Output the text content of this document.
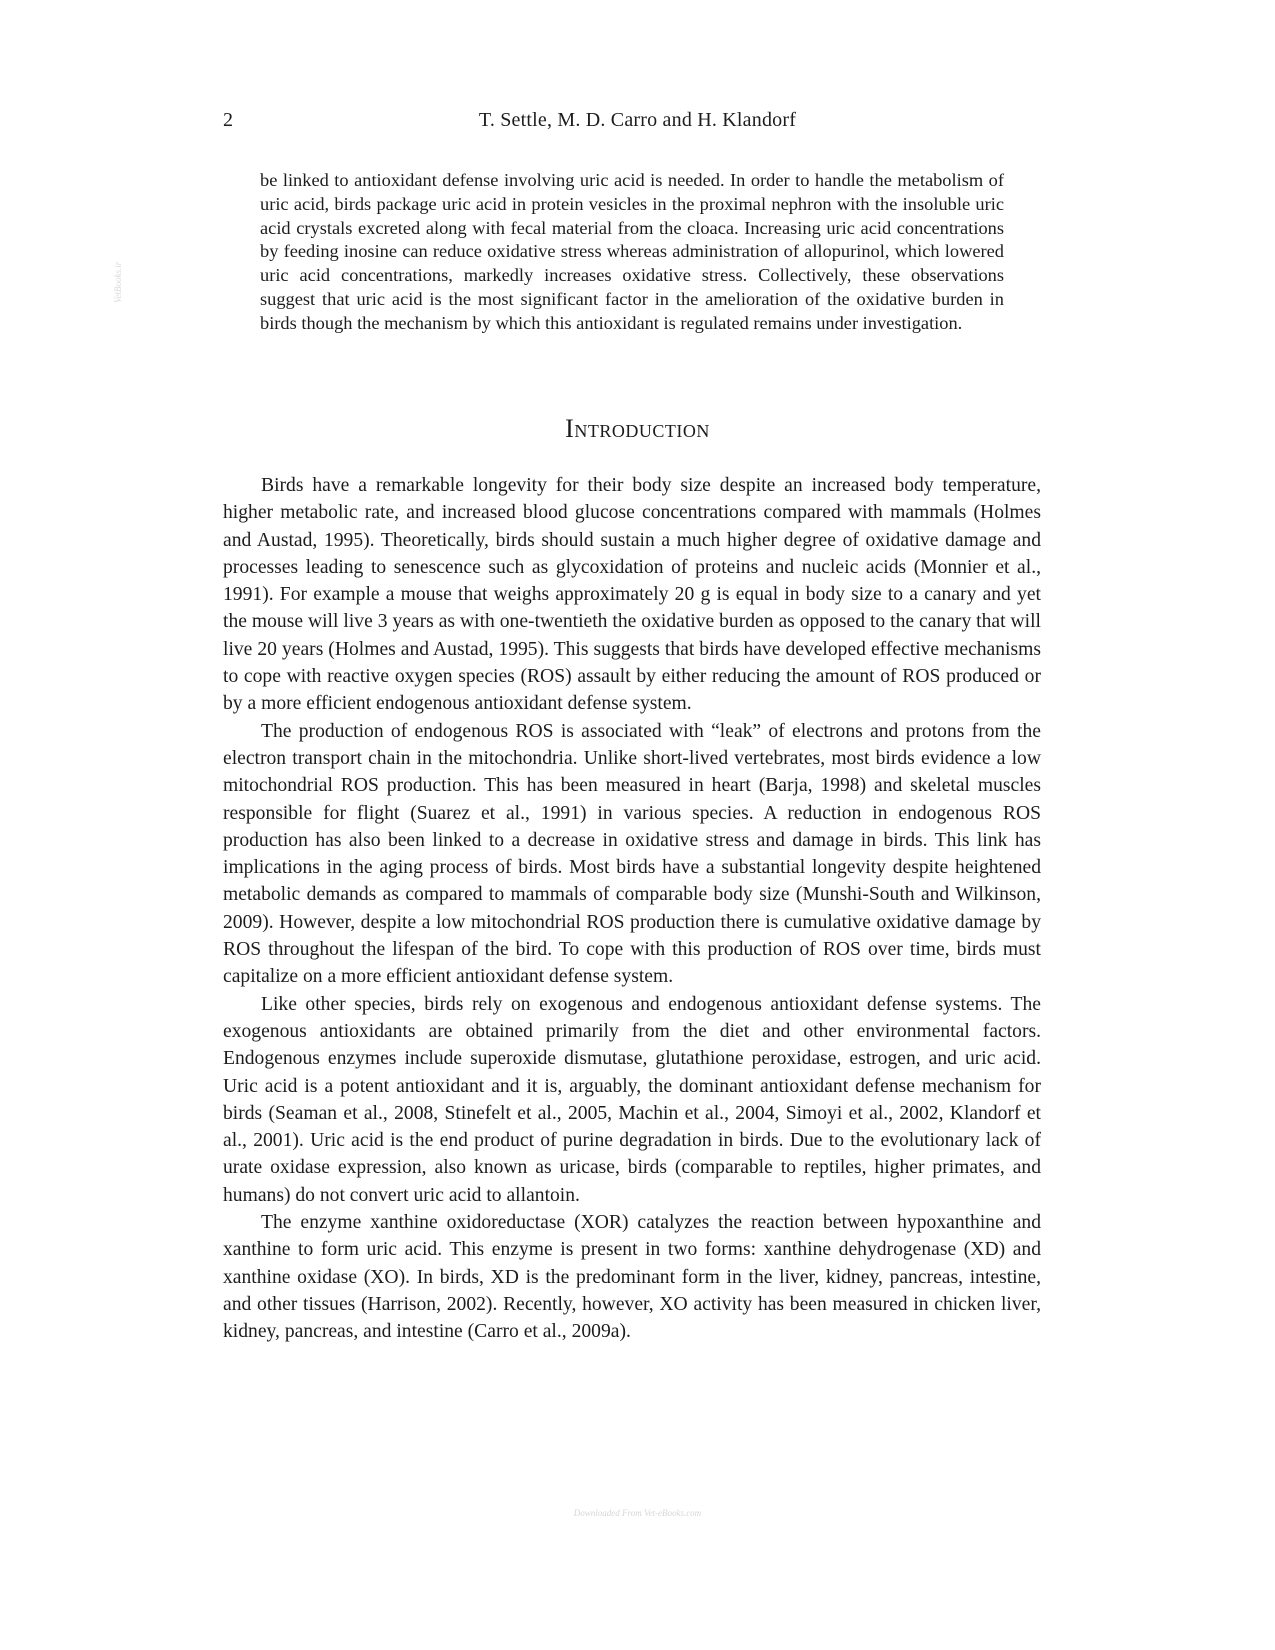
2	T. Settle, M. D. Carro and H. Klandorf
VetBooks.ir

be linked to antioxidant defense involving uric acid is needed. In order to handle the metabolism of uric acid, birds package uric acid in protein vesicles in the proximal nephron with the insoluble uric acid crystals excreted along with fecal material from the cloaca. Increasing uric acid concentrations by feeding inosine can reduce oxidative stress whereas administration of allopurinol, which lowered uric acid concentrations, markedly increases oxidative stress. Collectively, these observations suggest that uric acid is the most significant factor in the amelioration of the oxidative burden in birds though the mechanism by which this antioxidant is regulated remains under investigation.

Introduction

Birds have a remarkable longevity for their body size despite an increased body temperature, higher metabolic rate, and increased blood glucose concentrations compared with mammals (Holmes and Austad, 1995). Theoretically, birds should sustain a much higher degree of oxidative damage and processes leading to senescence such as glycoxidation of proteins and nucleic acids (Monnier et al., 1991). For example a mouse that weighs approximately 20 g is equal in body size to a canary and yet the mouse will live 3 years as with one-twentieth the oxidative burden as opposed to the canary that will live 20 years (Holmes and Austad, 1995). This suggests that birds have developed effective mechanisms to cope with reactive oxygen species (ROS) assault by either reducing the amount of ROS produced or by a more efficient endogenous antioxidant defense system.

The production of endogenous ROS is associated with “leak” of electrons and protons from the electron transport chain in the mitochondria. Unlike short-lived vertebrates, most birds evidence a low mitochondrial ROS production. This has been measured in heart (Barja, 1998) and skeletal muscles responsible for flight (Suarez et al., 1991) in various species. A reduction in endogenous ROS production has also been linked to a decrease in oxidative stress and damage in birds. This link has implications in the aging process of birds. Most birds have a substantial longevity despite heightened metabolic demands as compared to mammals of comparable body size (Munshi-South and Wilkinson, 2009). However, despite a low mitochondrial ROS production there is cumulative oxidative damage by ROS throughout the lifespan of the bird. To cope with this production of ROS over time, birds must capitalize on a more efficient antioxidant defense system.

Like other species, birds rely on exogenous and endogenous antioxidant defense systems. The exogenous antioxidants are obtained primarily from the diet and other environmental factors. Endogenous enzymes include superoxide dismutase, glutathione peroxidase, estrogen, and uric acid. Uric acid is a potent antioxidant and it is, arguably, the dominant antioxidant defense mechanism for birds (Seaman et al., 2008, Stinefelt et al., 2005, Machin et al., 2004, Simoyi et al., 2002, Klandorf et al., 2001). Uric acid is the end product of purine degradation in birds. Due to the evolutionary lack of urate oxidase expression, also known as uricase, birds (comparable to reptiles, higher primates, and humans) do not convert uric acid to allantoin.

The enzyme xanthine oxidoreductase (XOR) catalyzes the reaction between hypoxanthine and xanthine to form uric acid. This enzyme is present in two forms: xanthine dehydrogenase (XD) and xanthine oxidase (XO). In birds, XD is the predominant form in the liver, kidney, pancreas, intestine, and other tissues (Harrison, 2002). Recently, however, XO activity has been measured in chicken liver, kidney, pancreas, and intestine (Carro et al., 2009a).

Downloaded From Vet-eBooks.com
